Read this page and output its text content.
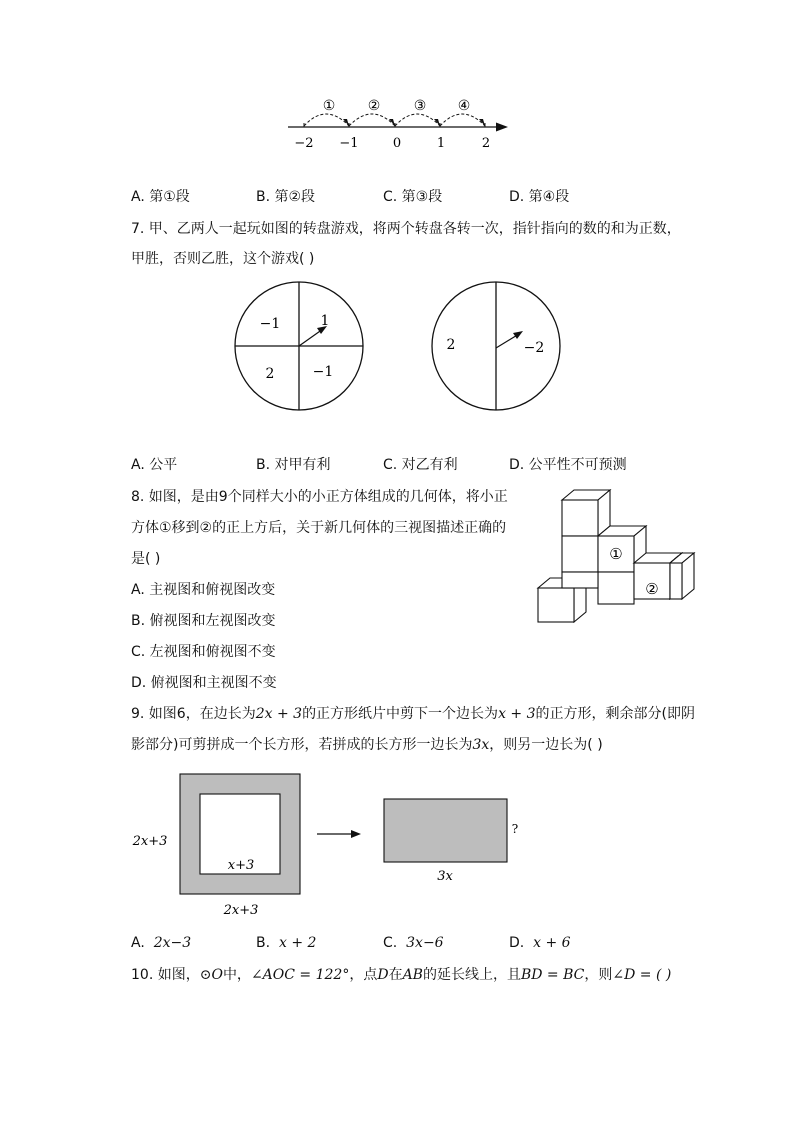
① ② ③ ④
−2 −1	0	1	2
A. 第①段	B. 第②段	C. 第③段	D. 第④段
7. 甲、乙两人一起玩如图的转盘游戏，将两个转盘各转一次，指针指向的数的和为正数，
甲胜，否则乙胜，这个游戏( )
−1	1
2	−1
2	−2
A. 公平	B. 对甲有利	C. 对乙有利	D. 公平性不可预测
8. 如图，是由9个同样大小的小正方体组成的几何体，将小正
方体①移到②的正上方后，关于新几何体的三视图描述正确的
是( )
A. 主视图和俯视图改变
B. 俯视图和左视图改变
C. 左视图和俯视图不变
D. 俯视图和主视图不变
①
②
9. 如图6，在边长为2x + 3的正方形纸片中剪下一个边长为x + 3的正方形，剩余部分(即阴
影部分)可剪拼成一个长方形，若拼成的长方形一边长为3x，则另一边长为( )
2x+3
x+3
2x+3
3x
?
A. 2x−3	B. x + 2	C. 3x−6	D. x + 6
10. 如图，⊙O中，∠AOC = 122°，点D在AB的延长线上，且BD = BC，则∠D = ( )
